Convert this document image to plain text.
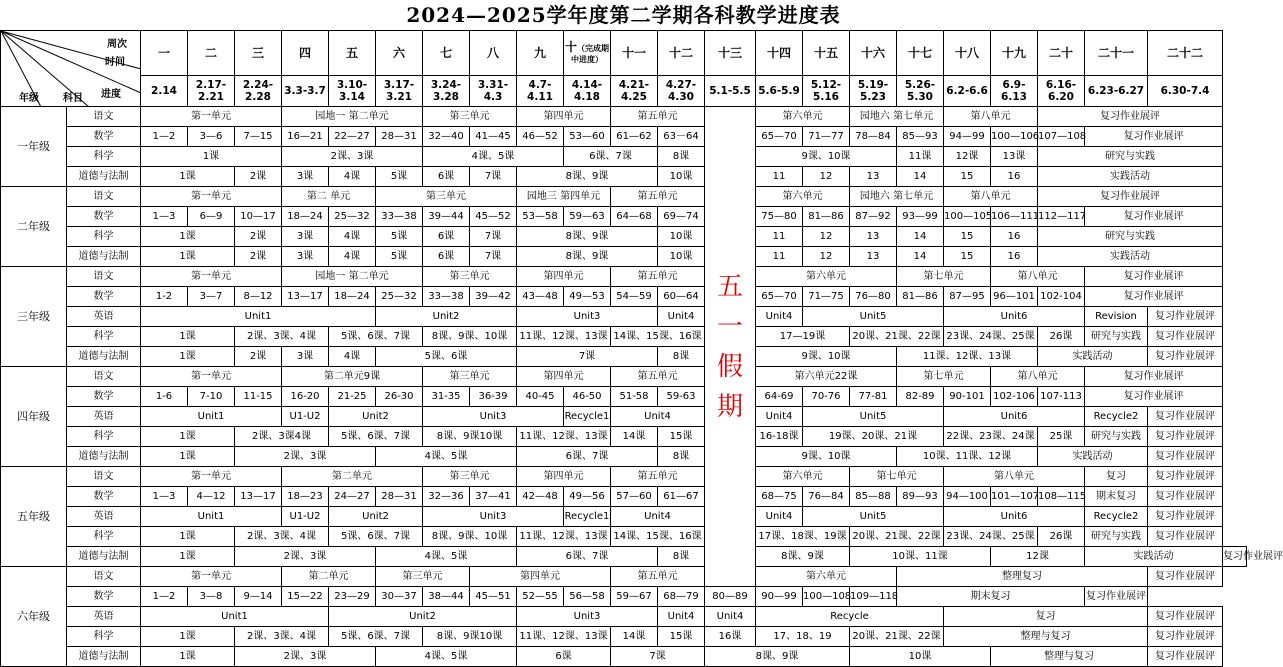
2024—2025学年度第二学期各科教学进度表
周次
时间
进度
年级 科目		一	二	三	四	五	六	七	八	九	十（完成期中进度）	十一	十二	十三	十四	十五	十六	十七	十八	十九	二十	二十一	二十二	
		2.14	2.17-2.21	2.24-2.28	3.3-3.7	3.10-3.14	3.17-3.21	3.24-3.28	3.31-4.3	4.7-4.11	4.14-4.18	4.21-4.25	4.27-4.30	5.1-5.5	5.6-5.9	5.12-5.16	5.19-5.23	5.26-5.30	6.2-6.6	6.9-6.13	6.16-6.20	6.23-6.27	6.30-7.4	
一年级	语文	第一单元			园地一 第二单元			第三单元		第四单元		第五单元		五一假期	第六单元		园地六 第七单元		第八单元		复习作业展评			
	数学	1—2	3—6	7—15	16—21	22—27	28—31	32—40	41—45	46—52	53—60	61—62	63－64		65—70	71—77	78—84	85—93	94—99	100—106	107—108	复习作业展评		
	科学	1课			2课、3课			4课、5课			6课、7课		8课		9课、10课			11课	12课	13课	研究与实践			
	道德与法制	1课		2课	3课	4课	5课	6课	7课	8课、9课			10课		11	12	13	14	15	16	实践活动			
二年级	语文	第一单元			第二 单元		第三单元			园地三 第四单元		第五单元			第六单元		园地六 第七单元		第八单元		复习作业展评			
	数学	1—3	6—9	10—17	18—24	25—32	33—38	39—44	45—52	53—58	59—63	64—68	69—74		75—80	81—86	87—92	93—99	100—105	106—111	112—117	复习作业展评		
	科学	1课		2课	3课	4课	5课	6课	7课	8课、9课			10课		11	12	13	14	15	16	研究与实践			
	道德与法制	1课		2课	3课	4课	5课	6课	7课	8课、9课			10课		11	12	13	14	15	16	实践活动			
三年级	语文	第一单元			园地一 第二单元			第三单元		第四单元		第五单元			第六单元			第七单元		第八单元		复习作业展评		
	数学	1-2	3—7	8—12	13—17	18—24	25—32	33—38	39—42	43—48	49—53	54—59	60—64		65—70	71—75	76—80	81—86	87—95	96—101	102-104	复习作业展评		
	英语	Unit1					Unit2			Unit3			Unit4		Unit4	Unit5			Unit6			Revision	复习作业展评	
	科学	1课		2课、3课、4课		5课、6课、7课		8课、9课、10课		11课、12课、13课		14课、15课、16课			17—19课		20课、21课、22课		23课、24课、25课		26课	研究与实践	复习作业展评	
	道德与法制	1课		2课	3课	4课	5课、6课			7课			8课		9课、10课			11课、12课、13课			实践活动		复习作业展评	
四年级	语文	第一单元			第二单元9课			第三单元		第四单元		第五单元			第六单元22课			第七单元		第八单元		复习作业展评		
	数学	1-6	7-10	11-15	16-20	21-25	26-30	31-35	36-39	40-45	46-50	51-58	59-63		64-69	70-76	77-81	82-89	90-101	102-106	107-113	复习作业展评		
	英语	Unit1			U1-U2	Unit2		Unit3			Recycle1	Unit4			Unit4	Unit5			Unit6			Recycle2	复习作业展评	
	科学	1课		2课、3课4课		5课、6课、7课		8课、9课10课		11课、12课、13课		14课	15课		16-18课	19课、20课、21课			22课、23课、24课		25课	研究与实践	复习作业展评	
	道德与法制	1课		2课、3课			4课、5课			6课、7课			8课		9课、10课			10课、11课、12课			实践活动		复习作业展评	
五年级	语文	第一单元			第二单元			第三单元		第四单元		第五单元			第六单元		第七单元		第八单元			复习	复习作业展评	
	数学	1—3	4—12	13—17	18—23	24—27	28—31	32—36	37—41	42—48	49—56	57—60	61—67		68—75	76—84	85—88	89—93	94—100	101—107	108—115	期末复习	复习作业展评	
	英语	Unit1			U1-U2	Unit2		Unit3			Recycle1	Unit4			Unit4	Unit5			Unit6			Recycle2	复习作业展评	
	科学	1课		2课、3课、4课		5课、6课、7课		8课、9课、10课		11课、12课、13课		14课、15课、16课			17课、18课、19课		20课、21课、22课		23课、24课、25课		26课	研究与实践	复习作业展评	
	道德与法制	1课		2课、3课			4课、5课			6课、7课			8课		8课、9课		10课、11课			12课		实践活动		复习作业展评
六年级	语文	第一单元			第二单元		第三单元		第四单元			第五单元			第六单元			整理复习					复习作业展评	
	数学	1—2	3—8	9—14	15—22	23—29	30—37	38—44	45—51	52—55	56—58	59—67	68—79	80—89	90—99	100—108	109—118	期末复习				复习作业展评		
	英语	Unit1				Unit2				Unit3			Unit4	Unit4	Recycle				复习				复习作业展评	
	科学	1课		2课、3课、4课		5课、6课、7课		8课、9课10课		11课、12课、13课		14课	15课	16课	17、18、19		20课、21课、22课		整理与复习				复习作业展评	
	道德与法制	1课		2课、3课			4课、5课			6课		7课		8课、9课			10课			整理与复习			复习作业展评	
